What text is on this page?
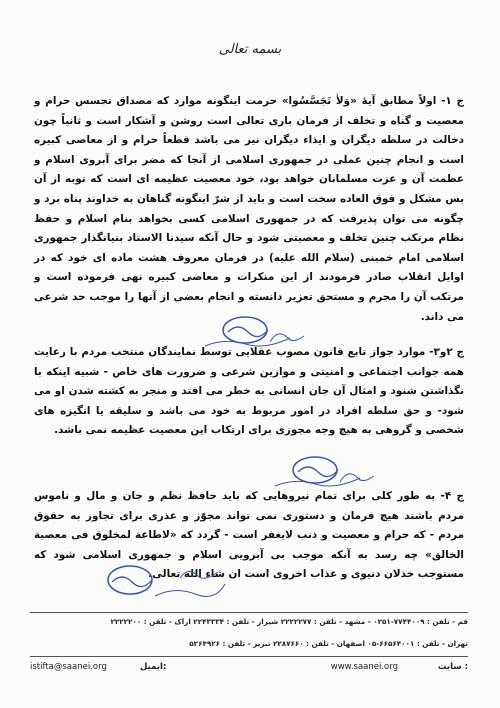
بسمه تعالی
ج ۱- اولاً مطابق آیهٔ «وَلاٰ تَجَسَّسُوا» حرمت اینگونه موارد که مصداق تجسس حرام و معصیت و گناه و تخلف از فرمان باری تعالی است روشن و آشکار است و ثانیاً چون دخالت در سلطه دیگران و ایذاء دیگران نیز می باشد قطعاً حرام و از معاصی کبیره است و انجام چنین عملی در جمهوری اسلامی از آنجا که مضر برای آبروی اسلام و عظمت آن و عزت مسلمانان خواهد بود، خود معصیت عظیمه ای است که توبه از آن بس مشکل و فوق العاده سخت است و باید از شرّ اینگونه گناهان به خداوند پناه برد و چگونه می توان پذیرفت که در جمهوری اسلامی کسی بخواهد بنام اسلام و حفظ نظام مرتکب چنین تخلف و معصیتی شود و حال آنکه سیدنا الاستاد بنیانگذار جمهوری اسلامی امام خمینی (سلام الله علیه) در فرمان معروف هشت ماده ای خود که در اوایل انقلاب صادر فرمودند از این منکرات و معاصی کبیره نهی فرموده است و مرتکب آن را مجرم و مستحق تعزیر دانسته و انجام بعضی از آنها را موجب حد شرعی می داند.
ج ۲و۳- موارد جواز تابع قانون مصوب عقلایی توسط نمایندگان منتخب مردم با رعایت همه جوانب اجتماعی و امنیتی و موازین شرعی و ضرورت های خاص - شبیه اینکه با نگذاشتن شنود و امثال آن جان انسانی به خطر می افتد و منجر به کشته شدن او می شود- و حق سلطه افراد در امور مربوط به خود می باشد و سلیقه یا انگیزه های شخصی و گروهی به هیچ وجه مجوزی برای ارتکاب این معصیت عظیمه نمی باشد.
ج ۴- به طور کلی برای تمام نیروهایی که باید حافظ نظم و جان و مال و ناموس مردم باشند هیچ فرمان و دستوری نمی تواند مجوّز و عذری برای تجاوز به حقوق مردم - که حرام و معصیت و ذنب لایغفر است - گردد که «لاطاعة لمخلوق فی معصیة الخالق» چه رسد به آنکه موجب بی آبرویی اسلام و جمهوری اسلامی شود که مستوجب خذلان دنیوی و عذاب اخروی است ان شاء الله تعالی.
قم - تلفن : ۷۷۴۴۰۰۹-۰۲۵۱ - مشهد - تلفن : ۲۲۲۲۲۷۷ شیراز - تلفن : ۲۲۴۳۳۳۴ اراک - تلفن : ۲۲۲۲۲۰۰
تهران - تلفن : ۶۶۵۶۴۰۰۱-۰۵ اصفهان - تلفن : ۲۲۸۷۶۶۰ تبریز - تلفن : ۵۲۶۴۹۲۶
سایت :
www.saanei.org
ایمیل:
istifta@saanei.org
